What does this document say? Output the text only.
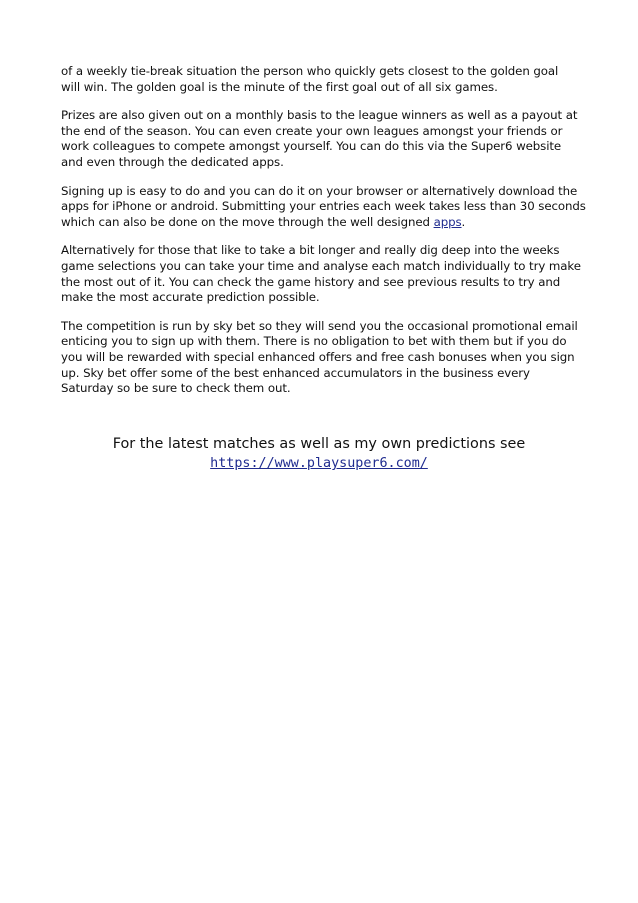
of a weekly tie-break situation the person who quickly gets closest to the golden goal
will win. The golden goal is the minute of the first goal out of all six games.

Prizes are also given out on a monthly basis to the league winners as well as a payout at
the end of the season. You can even create your own leagues amongst your friends or
work colleagues to compete amongst yourself. You can do this via the Super6 website
and even through the dedicated apps.

Signing up is easy to do and you can do it on your browser or alternatively download the
apps for iPhone or android. Submitting your entries each week takes less than 30 seconds
which can also be done on the move through the well designed apps.

Alternatively for those that like to take a bit longer and really dig deep into the weeks
game selections you can take your time and analyse each match individually to try make
the most out of it. You can check the game history and see previous results to try and
make the most accurate prediction possible.

The competition is run by sky bet so they will send you the occasional promotional email
enticing you to sign up with them. There is no obligation to bet with them but if you do
you will be rewarded with special enhanced offers and free cash bonuses when you sign
up. Sky bet offer some of the best enhanced accumulators in the business every
Saturday so be sure to check them out.

For the latest matches as well as my own predictions see
https://www.playsuper6.com/
